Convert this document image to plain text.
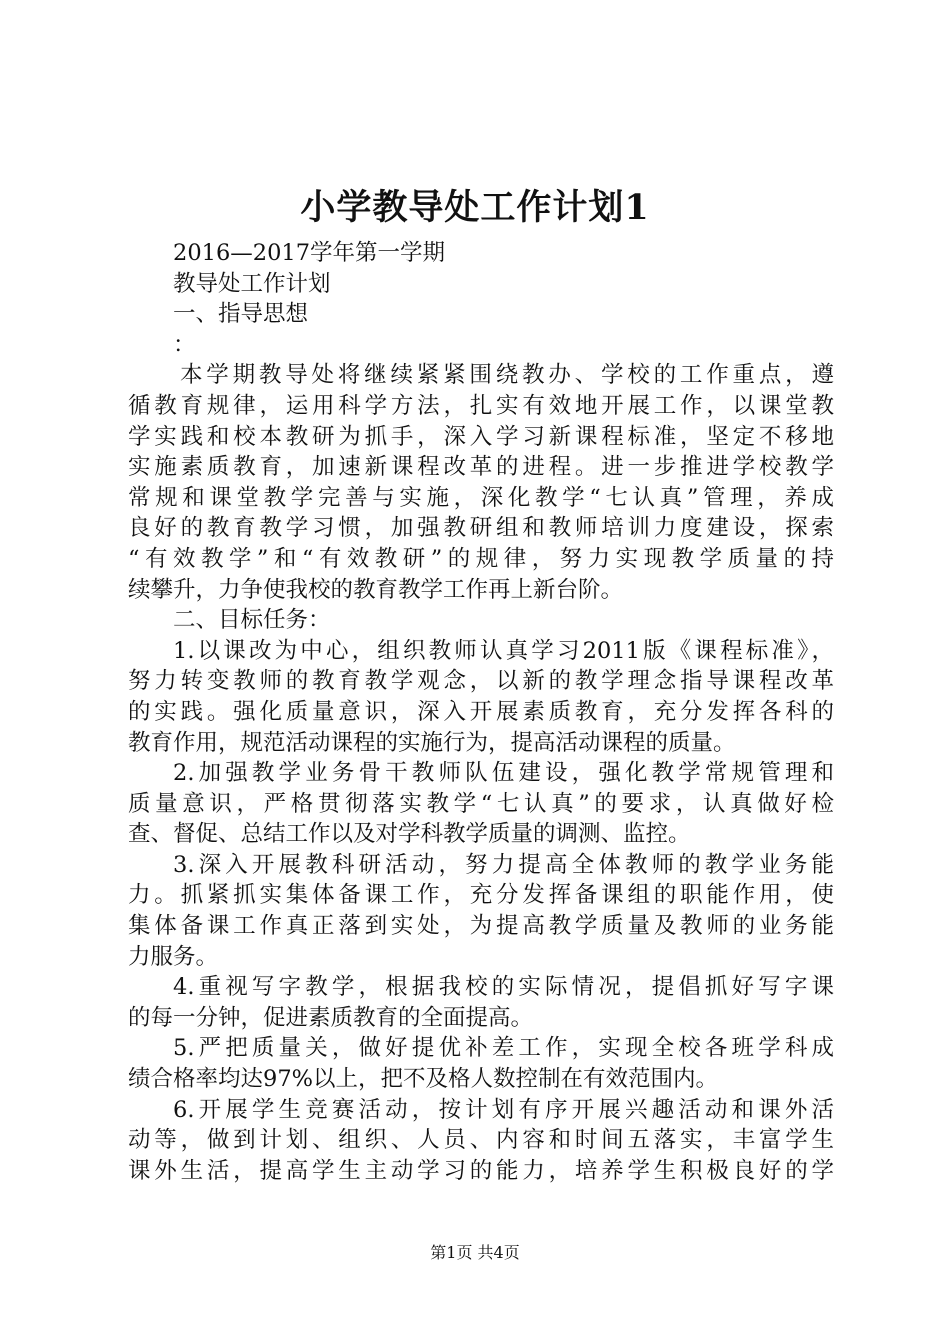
小学教导处工作计划1
2016—2017学年第一学期
教导处工作计划
一、指导思想
：
本学期教导处将继续紧紧围绕教办、学校的工作重点，遵
循教育规律，运用科学方法，扎实有效地开展工作，以课堂教
学实践和校本教研为抓手，深入学习新课程标准，坚定不移地
实施素质教育，加速新课程改革的进程。进一步推进学校教学
常规和课堂教学完善与实施，深化教学“七认真”管理，养成
良好的教育教学习惯，加强教研组和教师培训力度建设，探索
“有效教学”和“有效教研”的规律，努力实现教学质量的持
续攀升，力争使我校的教育教学工作再上新台阶。
二、目标任务：
1.以课改为中心，组织教师认真学习2011版《课程标准》，
努力转变教师的教育教学观念，以新的教学理念指导课程改革
的实践。强化质量意识，深入开展素质教育，充分发挥各科的
教育作用，规范活动课程的实施行为，提高活动课程的质量。
2.加强教学业务骨干教师队伍建设，强化教学常规管理和
质量意识，严格贯彻落实教学“七认真”的要求，认真做好检
查、督促、总结工作以及对学科教学质量的调测、监控。
3.深入开展教科研活动，努力提高全体教师的教学业务能
力。抓紧抓实集体备课工作，充分发挥备课组的职能作用，使
集体备课工作真正落到实处，为提高教学质量及教师的业务能
力服务。
4.重视写字教学，根据我校的实际情况，提倡抓好写字课
的每一分钟，促进素质教育的全面提高。
5.严把质量关，做好提优补差工作，实现全校各班学科成
绩合格率均达97%以上，把不及格人数控制在有效范围内。
6.开展学生竞赛活动，按计划有序开展兴趣活动和课外活
动等，做到计划、组织、人员、内容和时间五落实，丰富学生
课外生活，提高学生主动学习的能力，培养学生积极良好的学
第1页 共4页
